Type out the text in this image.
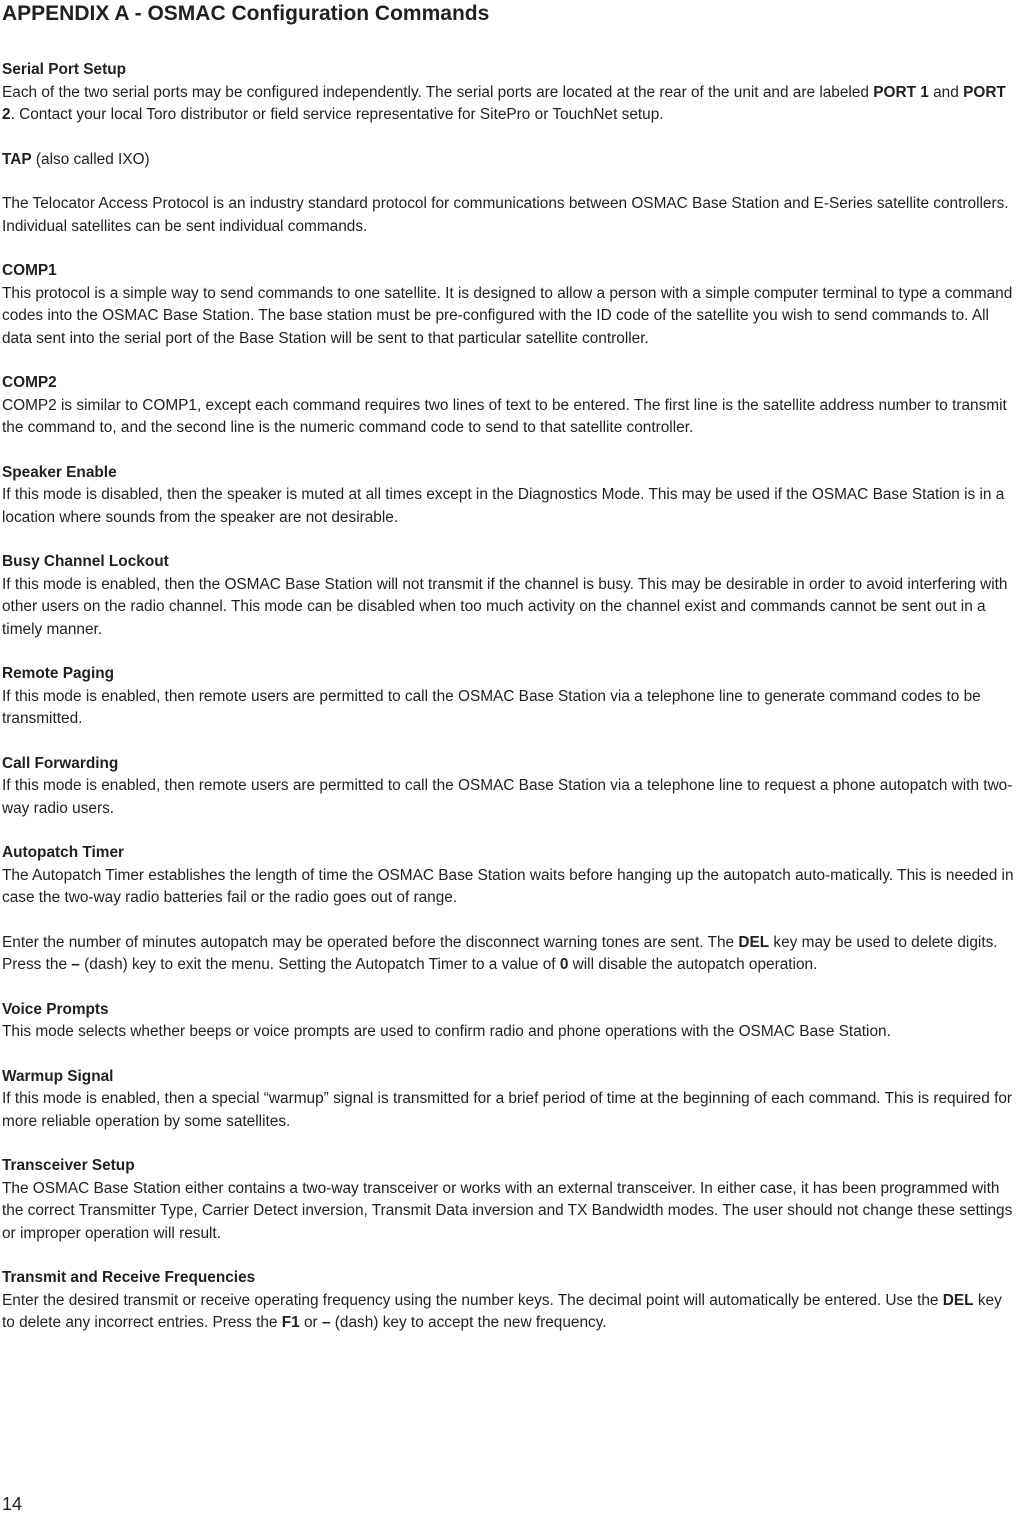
APPENDIX A - OSMAC Configuration Commands
Serial Port Setup
Each of the two serial ports may be configured independently. The serial ports are located at the rear of the unit and are labeled PORT 1 and PORT 2. Contact your local Toro distributor or field service representative for SitePro or TouchNet setup.
TAP (also called IXO)
The Telocator Access Protocol is an industry standard protocol for communications between OSMAC Base Station and E-Series satellite controllers. Individual satellites can be sent individual commands.
COMP1
This protocol is a simple way to send commands to one satellite. It is designed to allow a person with a simple computer terminal to type a command codes into the OSMAC Base Station. The base station must be pre-configured with the ID code of the satellite you wish to send commands to. All data sent into the serial port of the Base Station will be sent to that particular satellite controller.
COMP2
COMP2 is similar to COMP1, except each command requires two lines of text to be entered. The first line is the satellite address number to transmit the command to, and the second line is the numeric command code to send to that satellite controller.
Speaker Enable
If this mode is disabled, then the speaker is muted at all times except in the Diagnostics Mode. This may be used if the OSMAC Base Station is in a location where sounds from the speaker are not desirable.
Busy Channel Lockout
If this mode is enabled, then the OSMAC Base Station will not transmit if the channel is busy. This may be desirable in order to avoid interfering with other users on the radio channel. This mode can be disabled when too much activity on the channel exist and commands cannot be sent out in a timely manner.
Remote Paging
If this mode is enabled, then remote users are permitted to call the OSMAC Base Station via a telephone line to generate command codes to be transmitted.
Call Forwarding
If this mode is enabled, then remote users are permitted to call the OSMAC Base Station via a telephone line to request a phone autopatch with two-way radio users.
Autopatch Timer
The Autopatch Timer establishes the length of time the OSMAC Base Station waits before hanging up the autopatch auto-matically. This is needed in case the two-way radio batteries fail or the radio goes out of range.
Enter the number of minutes autopatch may be operated before the disconnect warning tones are sent. The DEL key may be used to delete digits. Press the – (dash) key to exit the menu. Setting the Autopatch Timer to a value of 0 will disable the autopatch operation.
Voice Prompts
This mode selects whether beeps or voice prompts are used to confirm radio and phone operations with the OSMAC Base Station.
Warmup Signal
If this mode is enabled, then a special “warmup” signal is transmitted for a brief period of time at the beginning of each command. This is required for more reliable operation by some satellites.
Transceiver Setup
The OSMAC Base Station either contains a two-way transceiver or works with an external transceiver. In either case, it has been programmed with the correct Transmitter Type, Carrier Detect inversion, Transmit Data inversion and TX Bandwidth modes. The user should not change these settings or improper operation will result.
Transmit and Receive Frequencies
Enter the desired transmit or receive operating frequency using the number keys. The decimal point will automatically be entered. Use the DEL key to delete any incorrect entries. Press the F1 or – (dash) key to accept the new frequency.
14
